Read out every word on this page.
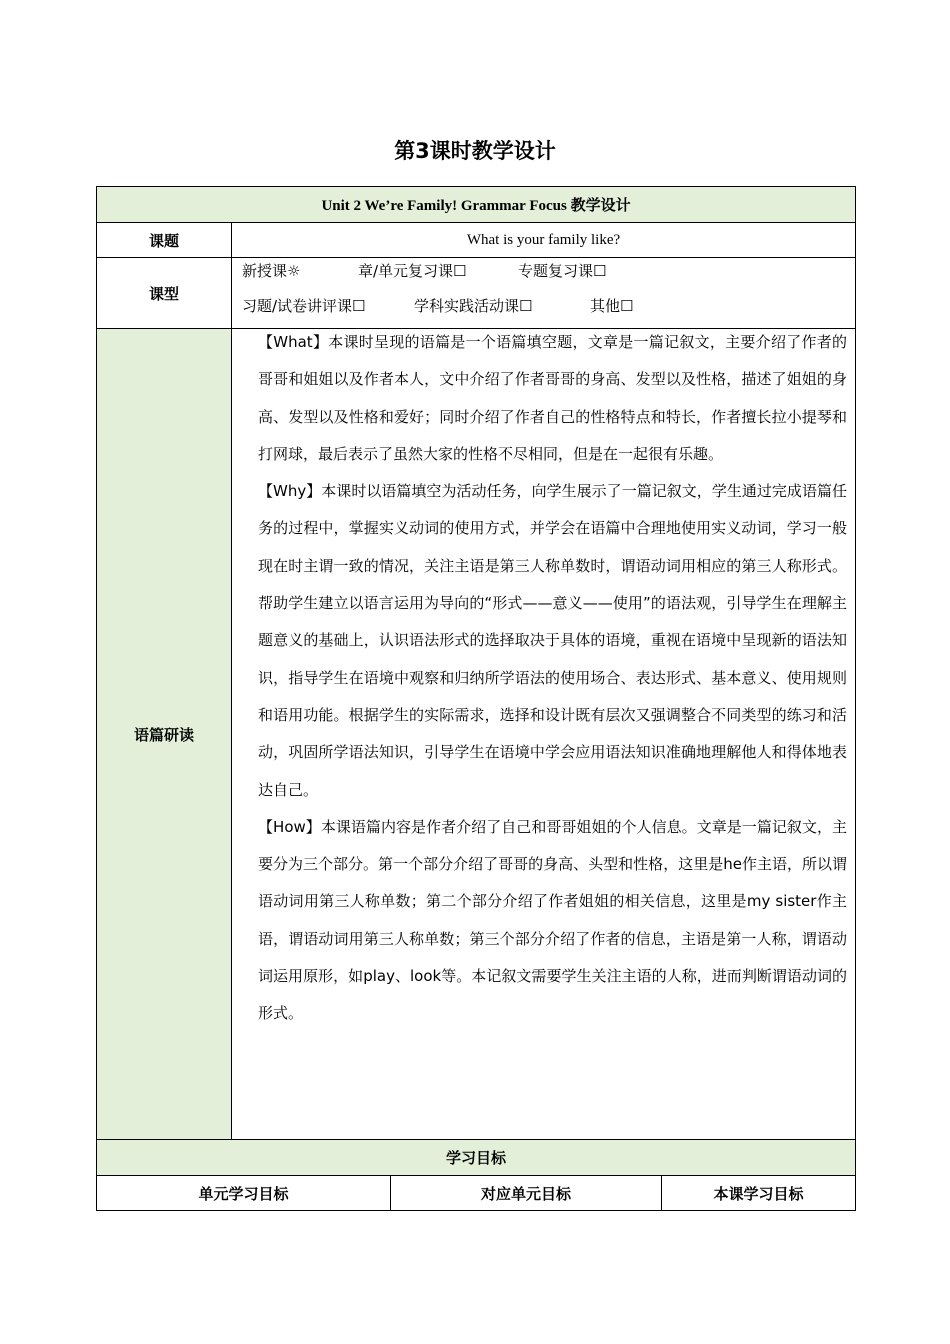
第3课时教学设计
Unit 2 We’re Family! Grammar Focus 教学设计			
课题	What is your family like?		
课型	新授课☼ 章/单元复习课☐ 专题复习课☐
习题/试卷讲评课☐ 学科实践活动课☐ 其他☐		

语篇研读	【What】本课时呈现的语篇是一个语篇填空题，文章是一篇记叙文，主要介绍了作者的哥哥和姐姐以及作者本人，文中介绍了作者哥哥的身高、发型以及性格，描述了姐姐的身高、发型以及性格和爱好；同时介绍了作者自己的性格特点和特长，作者擅长拉小提琴和打网球，最后表示了虽然大家的性格不尽相同，但是在一起很有乐趣。

【Why】本课时以语篇填空为活动任务，向学生展示了一篇记叙文，学生通过完成语篇任务的过程中，掌握实义动词的使用方式，并学会在语篇中合理地使用实义动词，学习一般现在时主谓一致的情况，关注主语是第三人称单数时，谓语动词用相应的第三人称形式。帮助学生建立以语言运用为导向的“形式——意义——使用”的语法观，引导学生在理解主题意义的基础上，认识语法形式的选择取决于具体的语境，重视在语境中呈现新的语法知识，指导学生在语境中观察和归纳所学语法的使用场合、表达形式、基本意义、使用规则和语用功能。根据学生的实际需求，选择和设计既有层次又强调整合不同类型的练习和活动，巩固所学语法知识，引导学生在语境中学会应用语法知识准确地理解他人和得体地表达自己。

【How】本课语篇内容是作者介绍了自己和哥哥姐姐的个人信息。文章是一篇记叙文，主要分为三个部分。第一个部分介绍了哥哥的身高、头型和性格，这里是he作主语，所以谓语动词用第三人称单数；第二个部分介绍了作者姐姐的相关信息，这里是my sister作主语，谓语动词用第三人称单数；第三个部分介绍了作者的信息，主语是第一人称，谓语动词运用原形，如play、look等。本记叙文需要学生关注主语的人称，进而判断谓语动词的形式。		

学习目标			
单元学习目标		对应单元目标	本课学习目标
